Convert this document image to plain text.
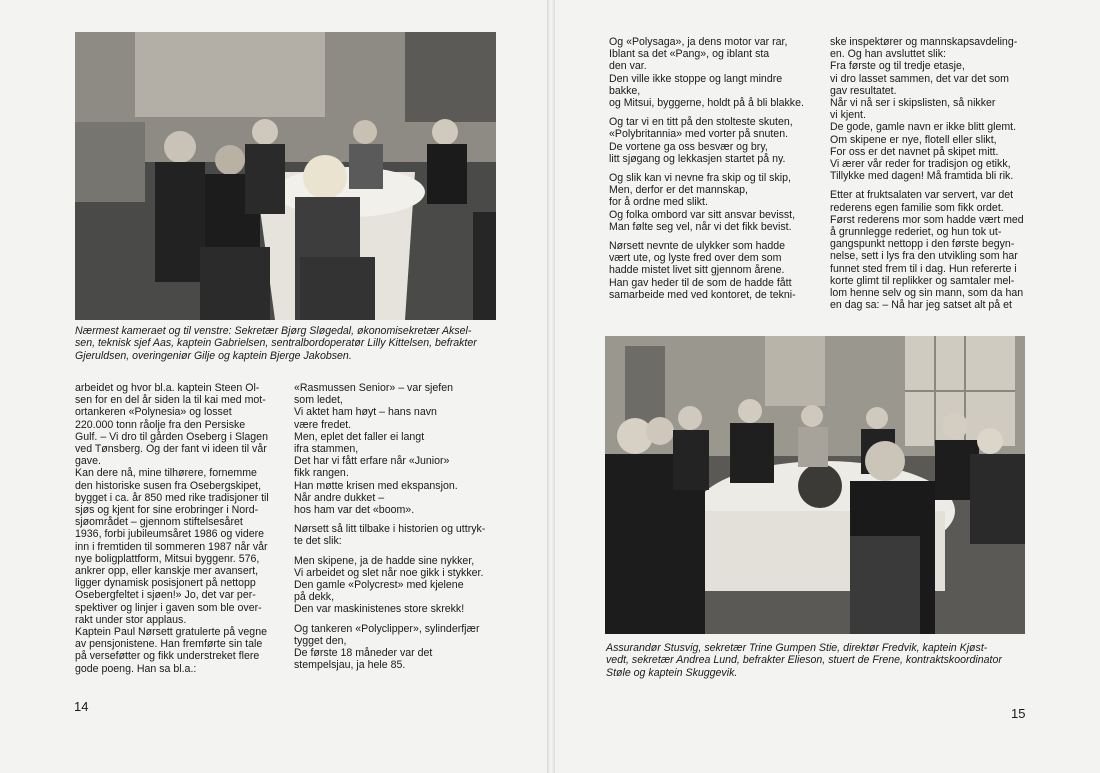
Nærmest kameraet og til venstre: Sekretær Bjørg Sløgedal, økonomisekretær Aksel-
sen, teknisk sjef Aas, kaptein Gabrielsen, sentralbordoperatør Lilly Kittelsen, befrakter
Gjeruldsen, overingeniør Gilje og kaptein Bjerge Jakobsen.

arbeidet og hvor bl.a. kaptein Steen Ol-
sen for en del år siden la til kai med mot-
ortankeren «Polynesia» og losset
220.000 tonn råolje fra den Persiske
Gulf. – Vi dro til gården Oseberg i Slagen
ved Tønsberg. Og der fant vi ideen til vår
gave.
Kan dere nå, mine tilhørere, fornemme
den historiske susen fra Osebergskipet,
bygget i ca. år 850 med rike tradisjoner til
sjøs og kjent for sine erobringer i Nord-
sjøområdet – gjennom stiftelsesåret
1936, forbi jubileumsåret 1986 og videre
inn i fremtiden til sommeren 1987 når vår
nye boligplattform, Mitsui byggenr. 576,
ankrer opp, eller kanskje mer avansert,
ligger dynamisk posisjonert på nettopp
Osebergfeltet i sjøen!» Jo, det var per-
spektiver og linjer i gaven som ble over-
rakt under stor applaus.
Kaptein Paul Nørsett gratulerte på vegne
av pensjonistene. Han fremførte sin tale
på verseføtter og fikk understreket flere
gode poeng. Han sa bl.a.:

«Rasmussen Senior» – var sjefen
som ledet,
Vi aktet ham høyt – hans navn
være fredet.
Men, eplet det faller ei langt
ifra stammen,
Det har vi fått erfare når «Junior»
fikk rangen.
Han møtte krisen med ekspansjon.
Når andre dukket –
hos ham var det «boom».

Nørsett så litt tilbake i historien og uttryk-
te det slik:

Men skipene, ja de hadde sine nykker,
Vi arbeidet og slet når noe gikk i stykker.
Den gamle «Polycrest» med kjelene
på dekk,
Den var maskinistenes store skrekk!

Og tankeren «Polyclipper», sylinderfjær
tygget den,
De første 18 måneder var det
stempelsjau, ja hele 85.

14

Og «Polysaga», ja dens motor var rar,
Iblant sa det «Pang», og iblant sta
den var.
Den ville ikke stoppe og langt mindre
bakke,
og Mitsui, byggerne, holdt på å bli blakke.

Og tar vi en titt på den stolteste skuten,
«Polybritannia» med vorter på snuten.
De vortene ga oss besvær og bry,
litt sjøgang og lekkasjen startet på ny.

Og slik kan vi nevne fra skip og til skip,
Men, derfor er det mannskap,
for å ordne med slikt.
Og folka ombord var sitt ansvar bevisst,
Man følte seg vel, når vi det fikk bevist.

Nørsett nevnte de ulykker som hadde
vært ute, og lyste fred over dem som
hadde mistet livet sitt gjennom årene.
Han gav heder til de som de hadde fått
samarbeide med ved kontoret, de tekni-

ske inspektører og mannskapsavdeling-
en. Og han avsluttet slik:
Fra første og til tredje etasje,
vi dro lasset sammen, det var det som
gav resultatet.
Når vi nå ser i skipslisten, så nikker
vi kjent.
De gode, gamle navn er ikke blitt glemt.
Om skipene er nye, flotell eller slikt,
For oss er det navnet på skipet mitt.
Vi ærer vår reder for tradisjon og etikk,
Tillykke med dagen! Må framtida bli rik.

Etter at fruktsalaten var servert, var det
rederens egen familie som fikk ordet.
Først rederens mor som hadde vært med
å grunnlegge rederiet, og hun tok ut-
gangspunkt nettopp i den første begyn-
nelse, sett i lys fra den utvikling som har
funnet sted frem til i dag. Hun refererte i
korte glimt til replikker og samtaler mel-
lom henne selv og sin mann, som da han
en dag sa: – Nå har jeg satset alt på et

Assurandør Stusvig, sekretær Trine Gumpen Stie, direktør Fredvik, kaptein Kjøst-
vedt, sekretær Andrea Lund, befrakter Elieson, stuert de Frene, kontraktskoordinator
Støle og kaptein Skuggevik.
15
